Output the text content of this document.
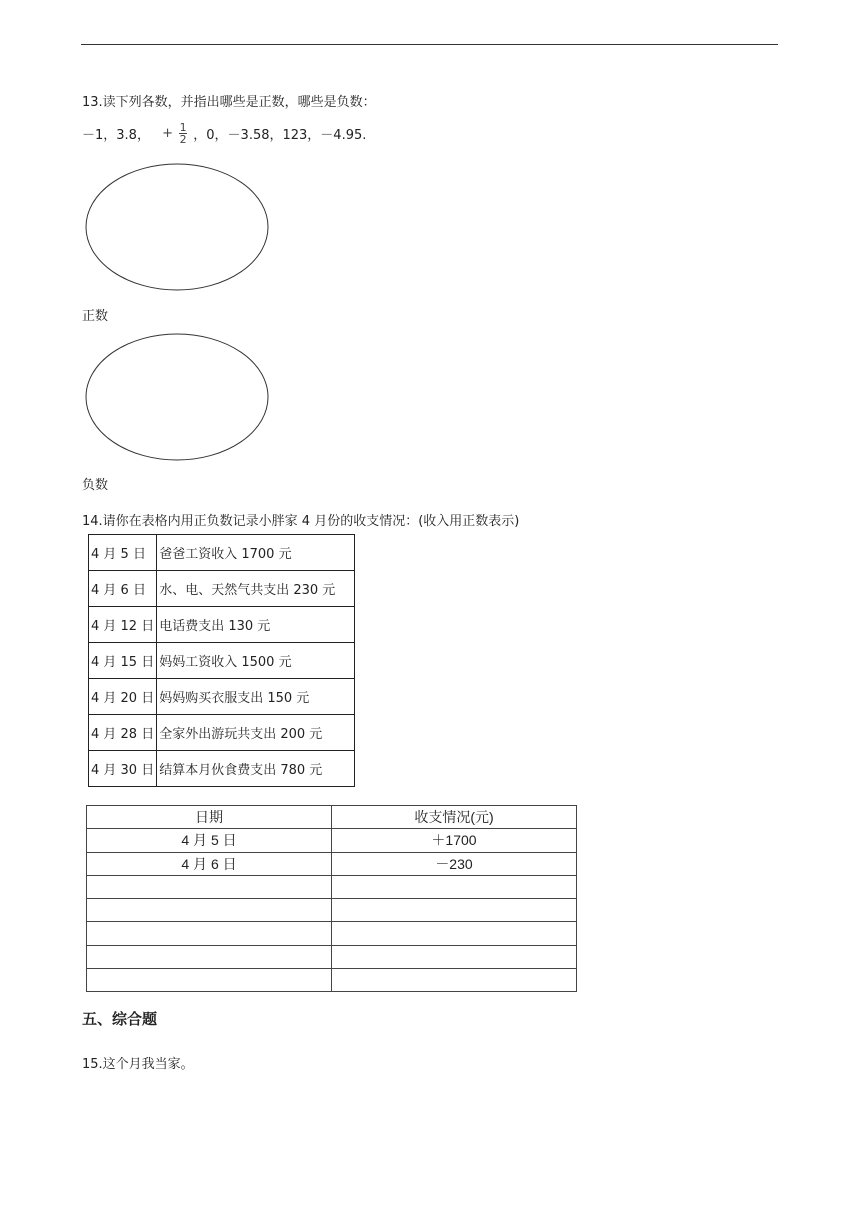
13.读下列各数，并指出哪些是正数，哪些是负数：
－1，3.8， + $\frac{1}{2}$ ，0，－3.58，123，－4.95.
正数
负数
14.请你在表格内用正负数记录小胖家 4 月份的收支情况：(收入用正数表示)
4 月 5 日	爸爸工资收入 1700 元
4 月 6 日	水、电、天然气共支出 230 元
4 月 12 日	电话费支出 130 元
4 月 15 日	妈妈工资收入 1500 元
4 月 20 日	妈妈购买衣服支出 150 元
4 月 28 日	全家外出游玩共支出 200 元
4 月 30 日	结算本月伙食费支出 780 元
日期	收支情况(元)
4 月 5 日	＋1700
4 月 6 日	－230

五、综合题
15.这个月我当家。
